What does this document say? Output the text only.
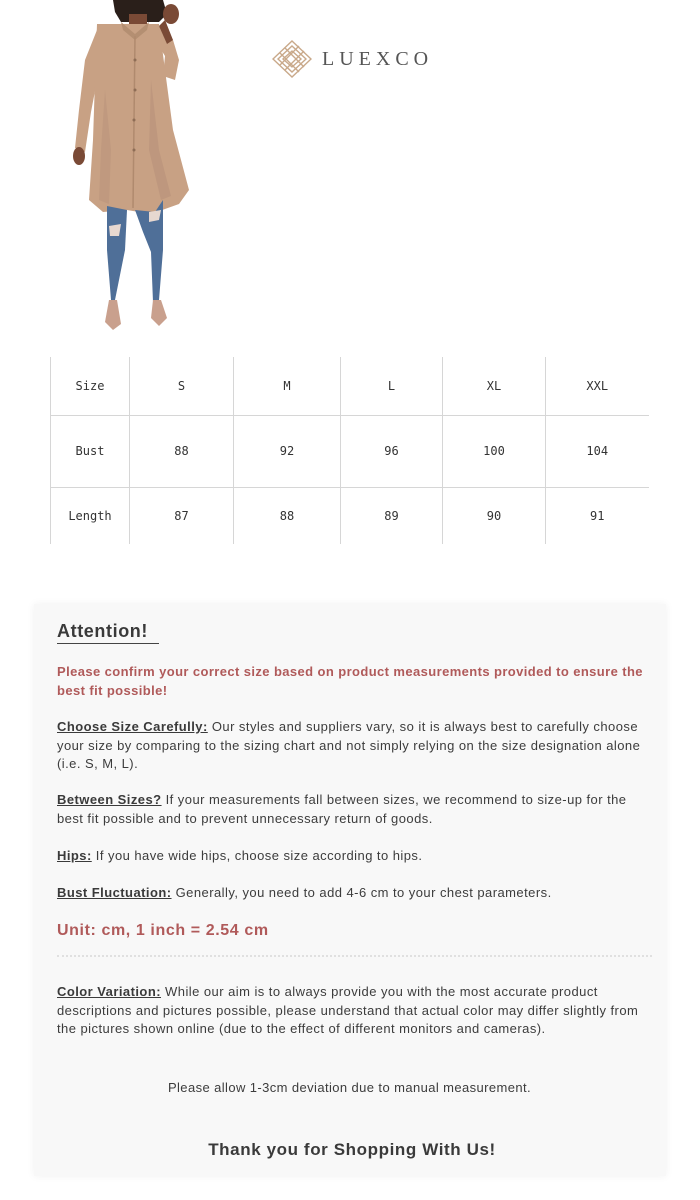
LUEXCO
Size	S	M	L	XL	XXL
Bust	88	92	96	100	104
Length	87	88	89	90	91
Attention!

Please confirm your correct size based on product measurements provided to ensure the best fit possible!

Choose Size Carefully: Our styles and suppliers vary, so it is always best to carefully choose your size by comparing to the sizing chart and not simply relying on the size designation alone (i.e. S, M, L).

Between Sizes? If your measurements fall between sizes, we recommend to size-up for the best fit possible and to prevent unnecessary return of goods.

Hips: If you have wide hips, choose size according to hips.

Bust Fluctuation: Generally, you need to add 4-6 cm to your chest parameters.

Unit: cm, 1 inch = 2.54 cm

Color Variation: While our aim is to always provide you with the most accurate product descriptions and pictures possible, please understand that actual color may differ slightly from the pictures shown online (due to the effect of different monitors and cameras).

Please allow 1-3cm deviation due to manual measurement.

Thank you for Shopping With Us!
